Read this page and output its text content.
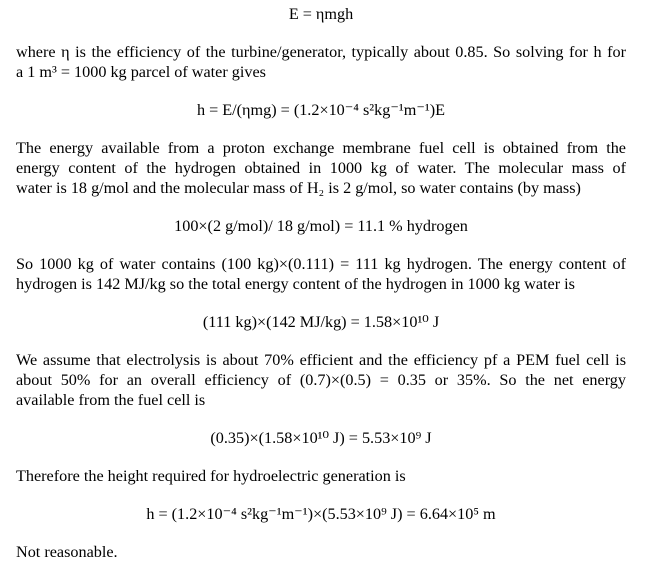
E = ηmgh
where η is the efficiency of the turbine/generator, typically about 0.85. So solving for h for
a 1 m³ = 1000 kg parcel of water gives
h = E/(ηmg) = (1.2×10⁻⁴ s²kg⁻¹m⁻¹)E
The energy available from a proton exchange membrane fuel cell is obtained from the
energy content of the hydrogen obtained in 1000 kg of water. The molecular mass of
water is 18 g/mol and the molecular mass of H₂ is 2 g/mol, so water contains (by mass)
100×(2 g/mol)/ 18 g/mol) = 11.1 % hydrogen
So 1000 kg of water contains (100 kg)×(0.111) = 111 kg hydrogen. The energy content of
hydrogen is 142 MJ/kg so the total energy content of the hydrogen in 1000 kg water is
(111 kg)×(142 MJ/kg) = 1.58×10¹⁰ J
We assume that electrolysis is about 70% efficient and the efficiency pf a PEM fuel cell is
about 50% for an overall efficiency of (0.7)×(0.5) = 0.35 or 35%. So the net energy
available from the fuel cell is
(0.35)×(1.58×10¹⁰ J) = 5.53×10⁹ J
Therefore the height required for hydroelectric generation is
h = (1.2×10⁻⁴ s²kg⁻¹m⁻¹)×(5.53×10⁹ J) = 6.64×10⁵ m
Not reasonable.
